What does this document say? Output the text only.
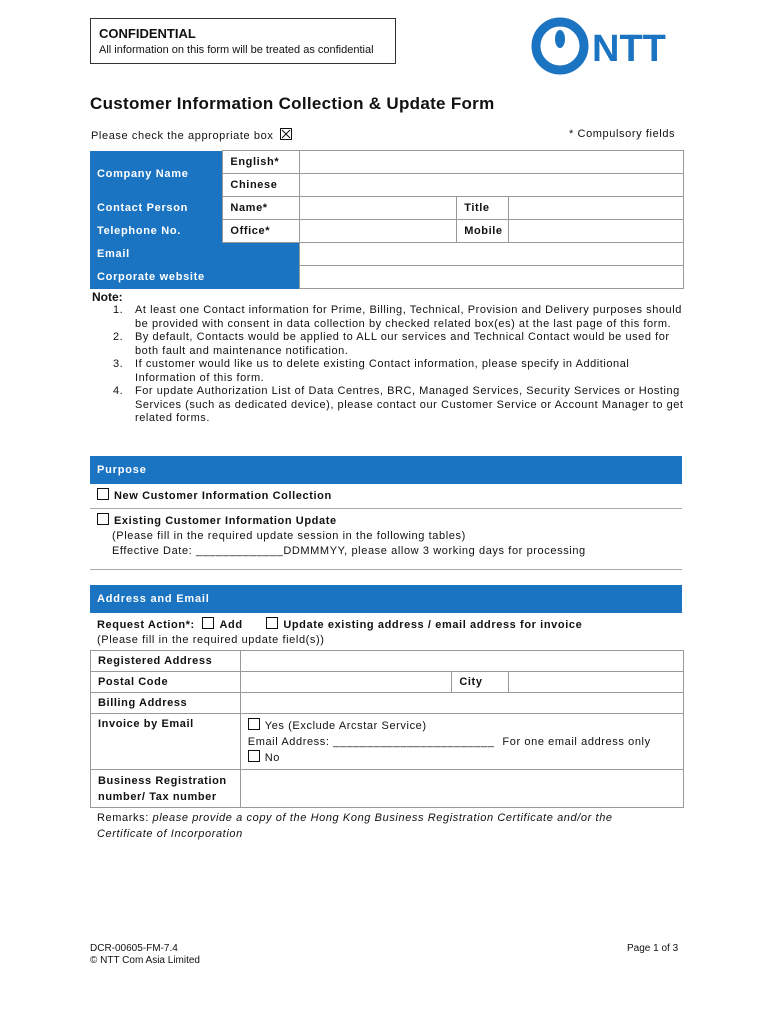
CONFIDENTIAL
All information on this form will be treated as confidential	NTT
Customer Information Collection & Update Form
Please check the appropriate box	* Compulsory fields
Company Name	English*			
	Chinese			
Contact Person	Name*		Title	
Telephone No.	Office*		Mobile	
Email				
Corporate website				
Note:
1. At least one Contact information for Prime, Billing, Technical, Provision and Delivery purposes should be provided with consent in data collection by checked related box(es) at the last page of this form.
2. By default, Contacts would be applied to ALL our services and Technical Contact would be used for both fault and maintenance notification.
3. If customer would like us to delete existing Contact information, please specify in Additional Information of this form.
4. For update Authorization List of Data Centres, BRC, Managed Services, Security Services or Hosting Services (such as dedicated device), please contact our Customer Service or Account Manager to get related forms.
Purpose
New Customer Information Collection
Existing Customer Information Update
(Please fill in the required update session in the following tables)
Effective Date: _____________DDMMMYY, please allow 3 working days for processing
Address and Email
Request Action*: Add	Update existing address / email address for invoice
(Please fill in the required update field(s))
Registered Address			
Postal Code		City	
Billing Address			
Invoice by Email	Yes (Exclude Arcstar Service)
Email Address: ________________________ For one email address only
No		

Business Registration
number/ Tax number			

Remarks: please provide a copy of the Hong Kong Business Registration Certificate and/or the
Certificate of Incorporation
DCR-00605-FM-7.4
© NTT Com Asia Limited
Page 1 of 3
